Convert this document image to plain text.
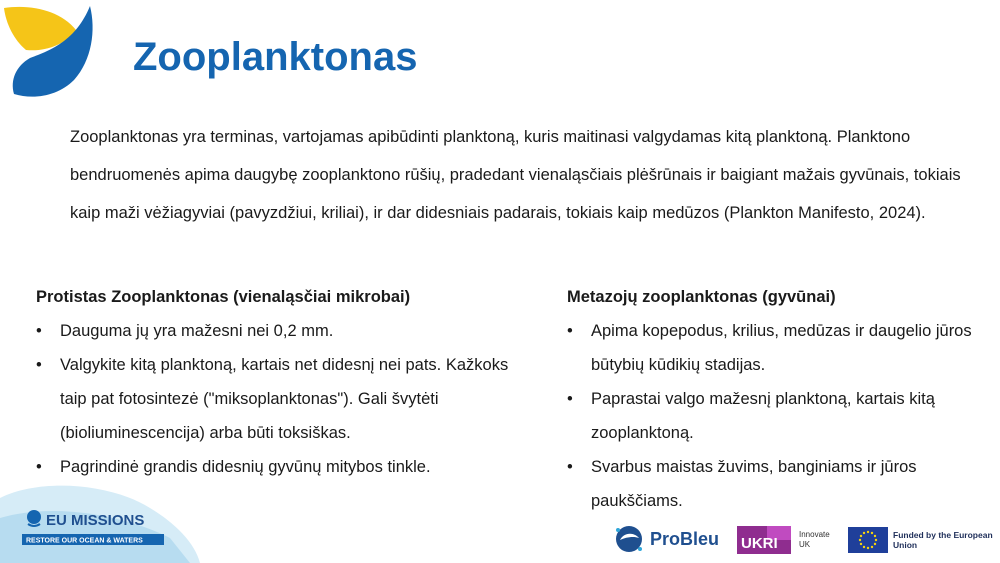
Zooplanktonas

Zooplanktonas yra terminas, vartojamas apibūdinti planktoną, kuris maitinasi valgydamas kitą planktoną. Planktono bendruomenės apima daugybę zooplanktono rūšių, pradedant vienaląsčiais plėšrūnais ir baigiant mažais gyvūnais, tokiais kaip maži vėžiagyviai (pavyzdžiui, kriliai), ir dar didesniais padarais, tokiais kaip medūzos (Plankton Manifesto, 2024).

Protistas Zooplanktonas (vienaląsčiai mikrobai)
• Dauguma jų yra mažesni nei 0,2 mm.
• Valgykite kitą planktoną, kartais net didesnį nei pats. Kažkoks taip pat fotosintezė ("miksoplanktonas"). Gali švytėti (bioliuminescencija) arba būti toksiškas.
• Pagrindinė grandis didesnių gyvūnų mitybos tinkle.
Metazojų zooplanktonas (gyvūnai)
• Apima kopepodus, krilius, medūzas ir daugelio jūros būtybių kūdikių stadijas.
• Paprastai valgo mažesnį planktoną, kartais kitą zooplanktoną.
• Svarbus maistas žuvims, banginiams ir jūros paukščiams.
EU MISSIONS
RESTORE OUR OCEAN & WATERS	ProBleu UKRI
Innovate UK
Funded by the European Union
